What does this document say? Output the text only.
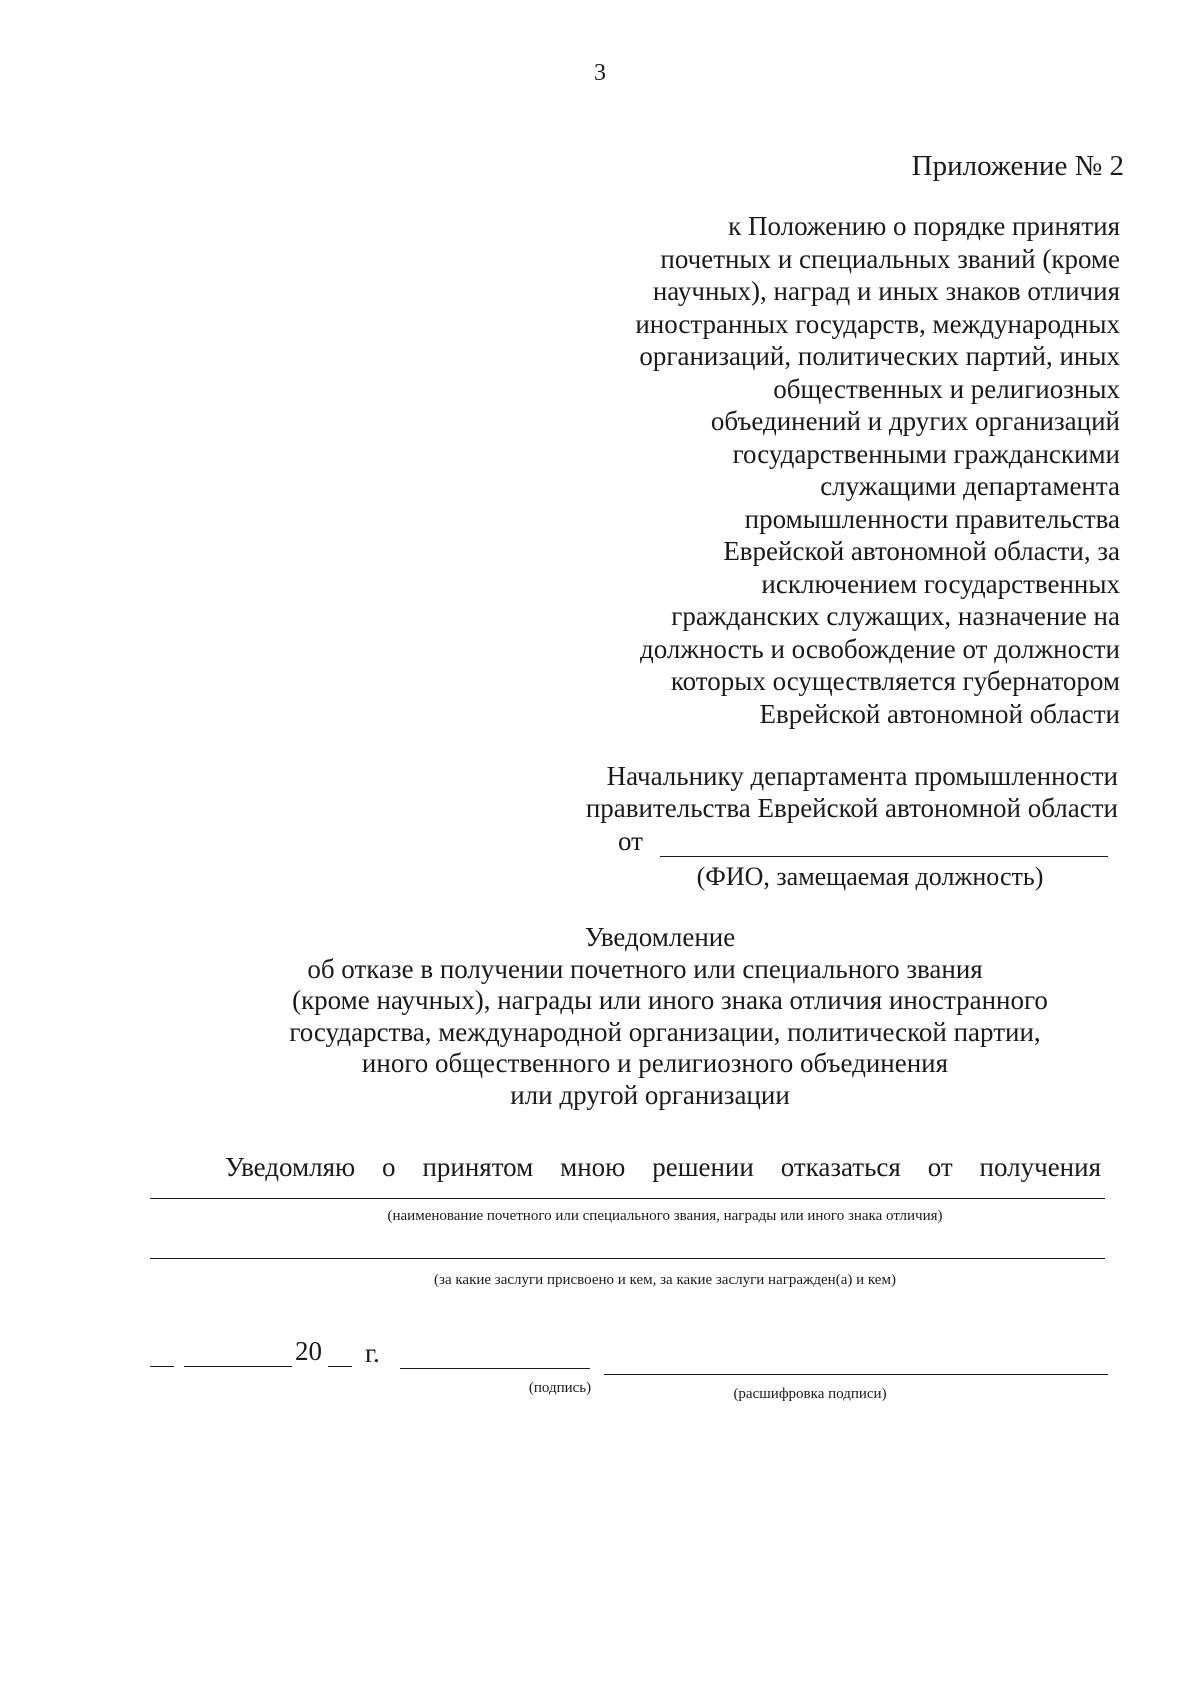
3
Приложение № 2
к Положению о порядке принятия
почетных и специальных званий (кроме
научных), наград и иных знаков отличия
иностранных государств, международных
организаций, политических партий, иных
общественных и религиозных
объединений и других организаций
государственными гражданскими
служащими департамента
промышленности правительства
Еврейской автономной области, за
исключением государственных
гражданских служащих, назначение на
должность и освобождение от должности
которых осуществляется губернатором
Еврейской автономной области
Начальнику департамента промышленности
правительства Еврейской автономной области
от
(ФИО, замещаемая должность)
Уведомление
об отказе в получении почетного или специального звания
(кроме научных), награды или иного знака отличия иностранного
государства, международной организации, политической партии,
иного общественного и религиозного объединения
или другой организации
Уведомляю о принятом мною решении отказаться от получения
(наименование почетного или специального звания, награды или иного знака отличия)
(за какие заслуги присвоено и кем, за какие заслуги награжден(а) и кем)
20 г.
(подпись)	(расшифровка подписи)
